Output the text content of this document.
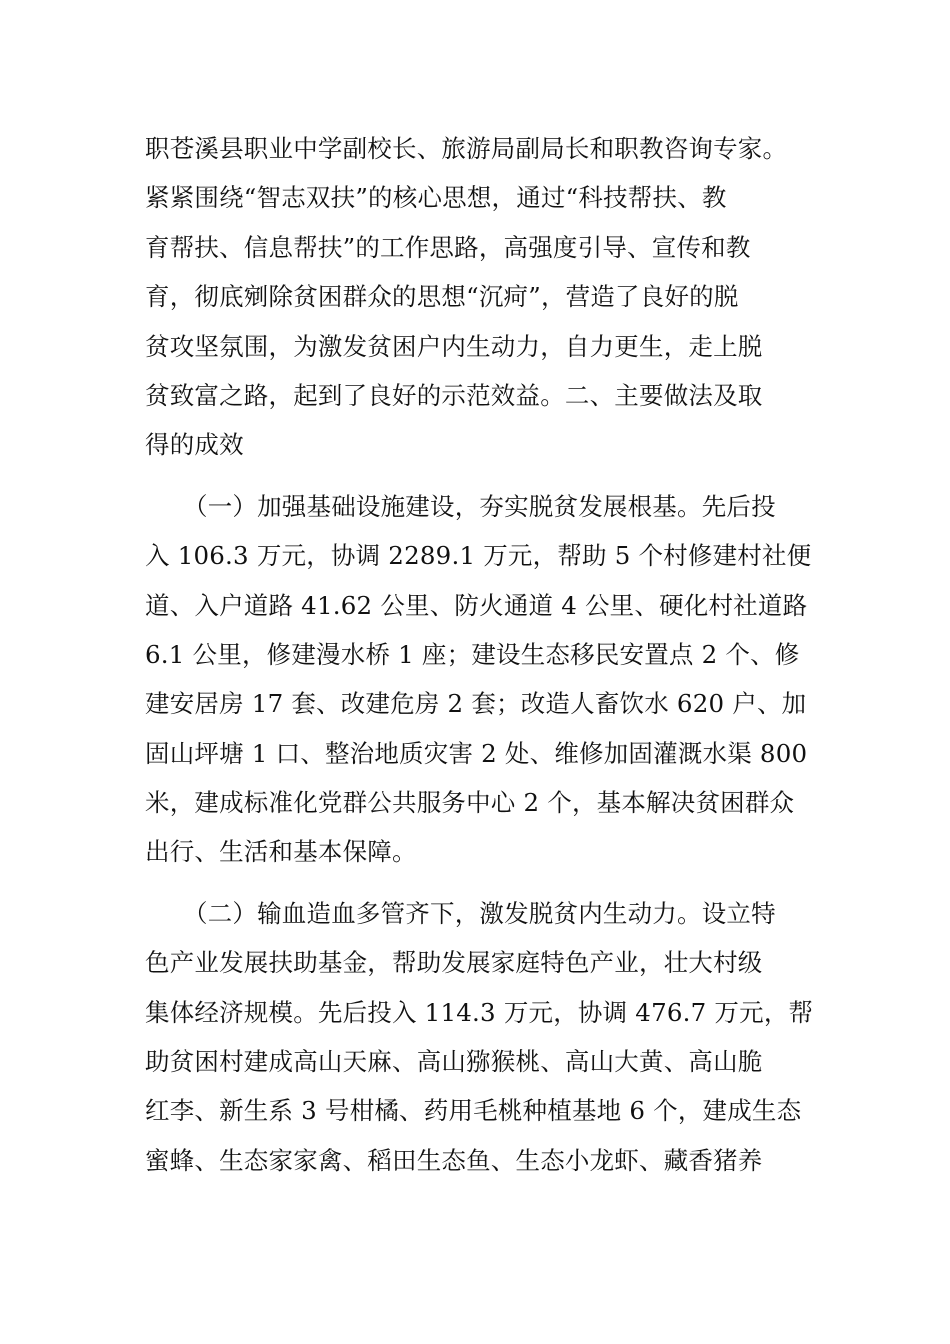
职苍溪县职业中学副校长、旅游局副局长和职教咨询专家。
紧紧围绕“智志双扶”的核心思想，通过“科技帮扶、教
育帮扶、信息帮扶”的工作思路，高强度引导、宣传和教
育，彻底剜除贫困群众的思想“沉疴”，营造了良好的脱
贫攻坚氛围，为激发贫困户内生动力，自力更生，走上脱
贫致富之路，起到了良好的示范效益。二、主要做法及取
得的成效

（一）加强基础设施建设，夯实脱贫发展根基。先后投
入 106.3 万元，协调 2289.1 万元，帮助 5 个村修建村社便
道、入户道路 41.62 公里、防火通道 4 公里、硬化村社道路
6.1 公里，修建漫水桥 1 座；建设生态移民安置点 2 个、修
建安居房 17 套、改建危房 2 套；改造人畜饮水 620 户、加
固山坪塘 1 口、整治地质灾害 2 处、维修加固灌溉水渠 800
米，建成标准化党群公共服务中心 2 个，基本解决贫困群众
出行、生活和基本保障。

（二）输血造血多管齐下，激发脱贫内生动力。设立特
色产业发展扶助基金，帮助发展家庭特色产业，壮大村级
集体经济规模。先后投入 114.3 万元，协调 476.7 万元，帮
助贫困村建成高山天麻、高山猕猴桃、高山大黄、高山脆
红李、新生系 3 号柑橘、药用毛桃种植基地 6 个，建成生态
蜜蜂、生态家家禽、稻田生态鱼、生态小龙虾、藏香猪养
